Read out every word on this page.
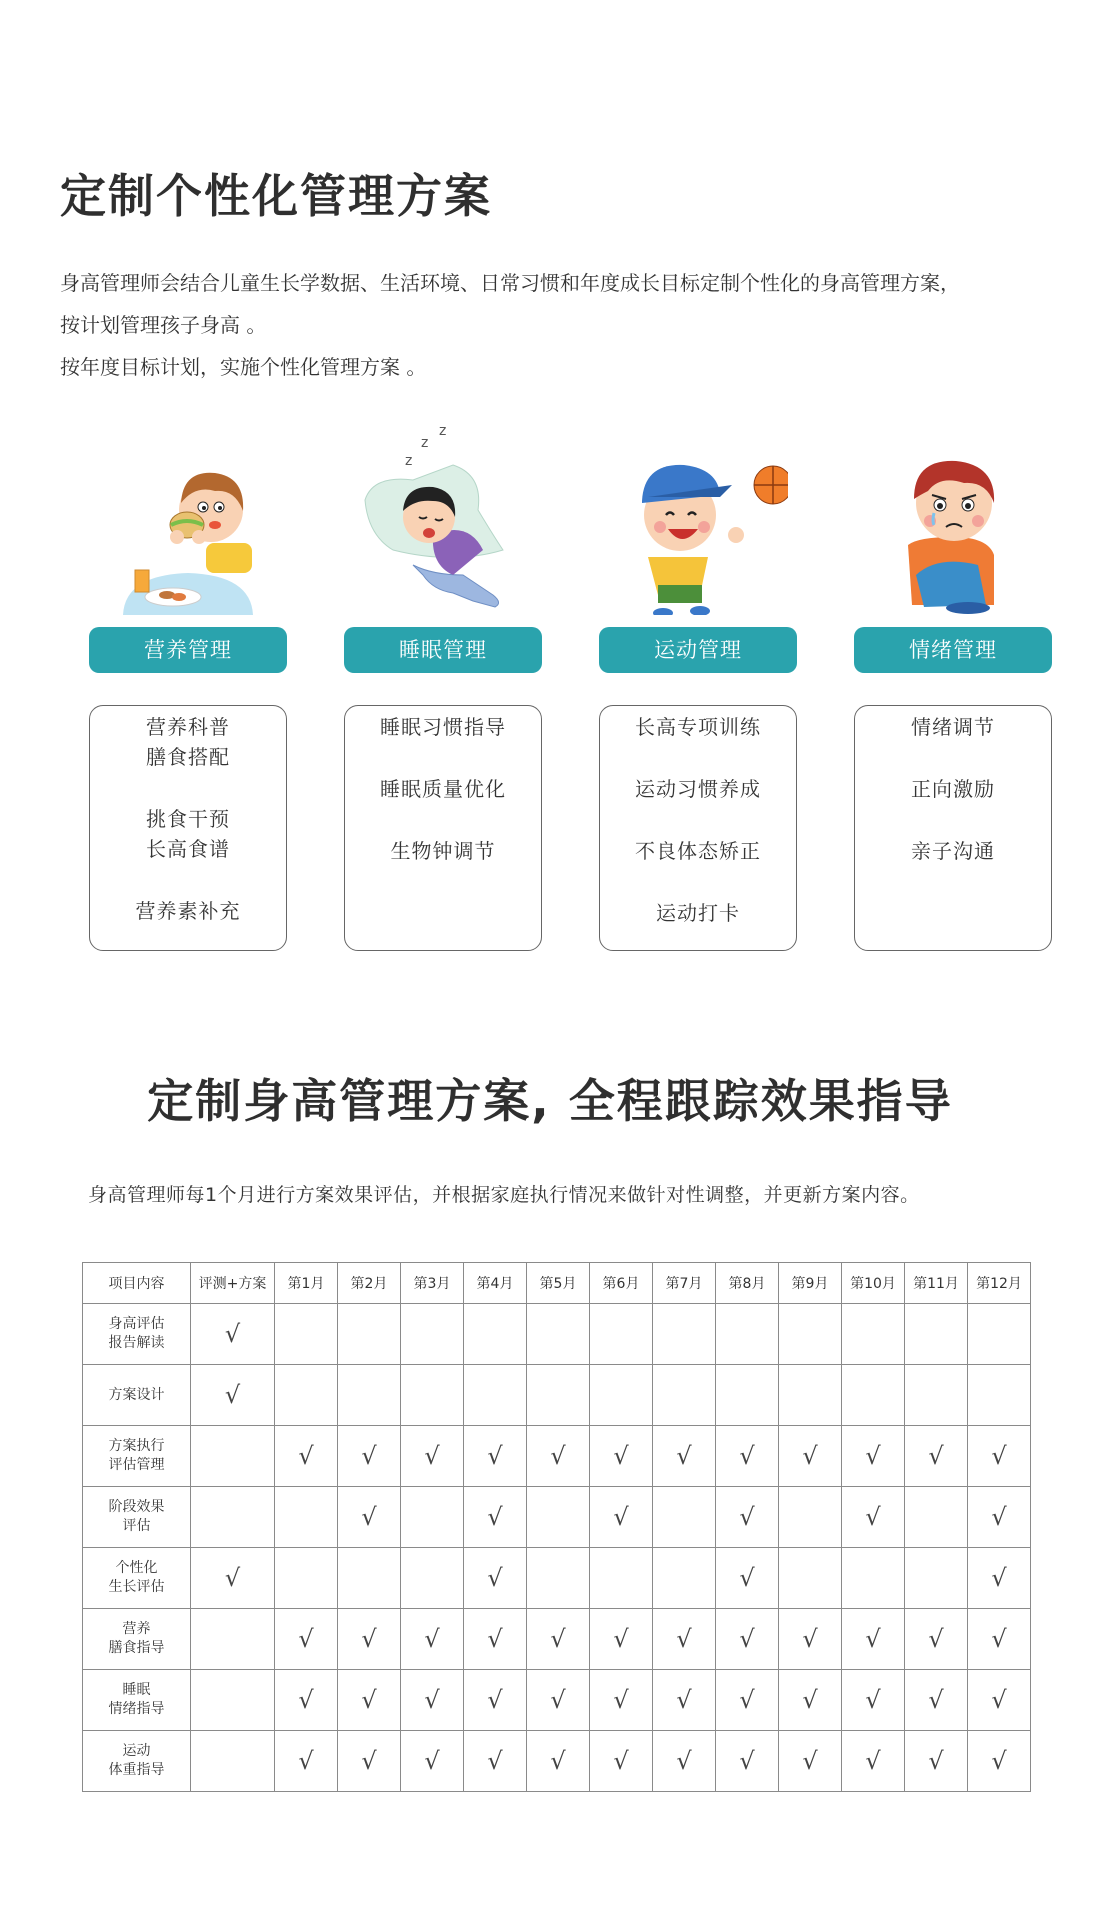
定制个性化管理方案

身高管理师会结合儿童生长学数据、生活环境、日常习惯和年度成长目标定制个性化的身高管理方案，

按计划管理孩子身高 。

按年度目标计划，实施个性化管理方案 。

营养管理
营养科普
膳食搭配
挑食干预
长高食谱
营养素补充
z
z
z
睡眠管理
睡眠习惯指导
睡眠质量优化
生物钟调节
运动管理
长高专项训练
运动习惯养成
不良体态矫正
运动打卡
情绪管理
情绪调节
正向激励
亲子沟通
定制身高管理方案, 全程跟踪效果指导
身高管理师每1个月进行方案效果评估，并根据家庭执行情况来做针对性调整，并更新方案内容。
项目内容	评测+方案	第1月	第2月	第3月	第4月	第5月	第6月	第7月	第8月	第9月	第10月	第11月	第12月
身高评估
报告解读	√												
方案设计	√												
方案执行
评估管理		√	√	√	√	√	√	√	√	√	√	√	√
阶段效果
评估			√		√		√		√		√		√
个性化
生长评估	√				√				√				√
营养
膳食指导		√	√	√	√	√	√	√	√	√	√	√	√
睡眠
情绪指导		√	√	√	√	√	√	√	√	√	√	√	√
运动
体重指导		√	√	√	√	√	√	√	√	√	√	√	√
